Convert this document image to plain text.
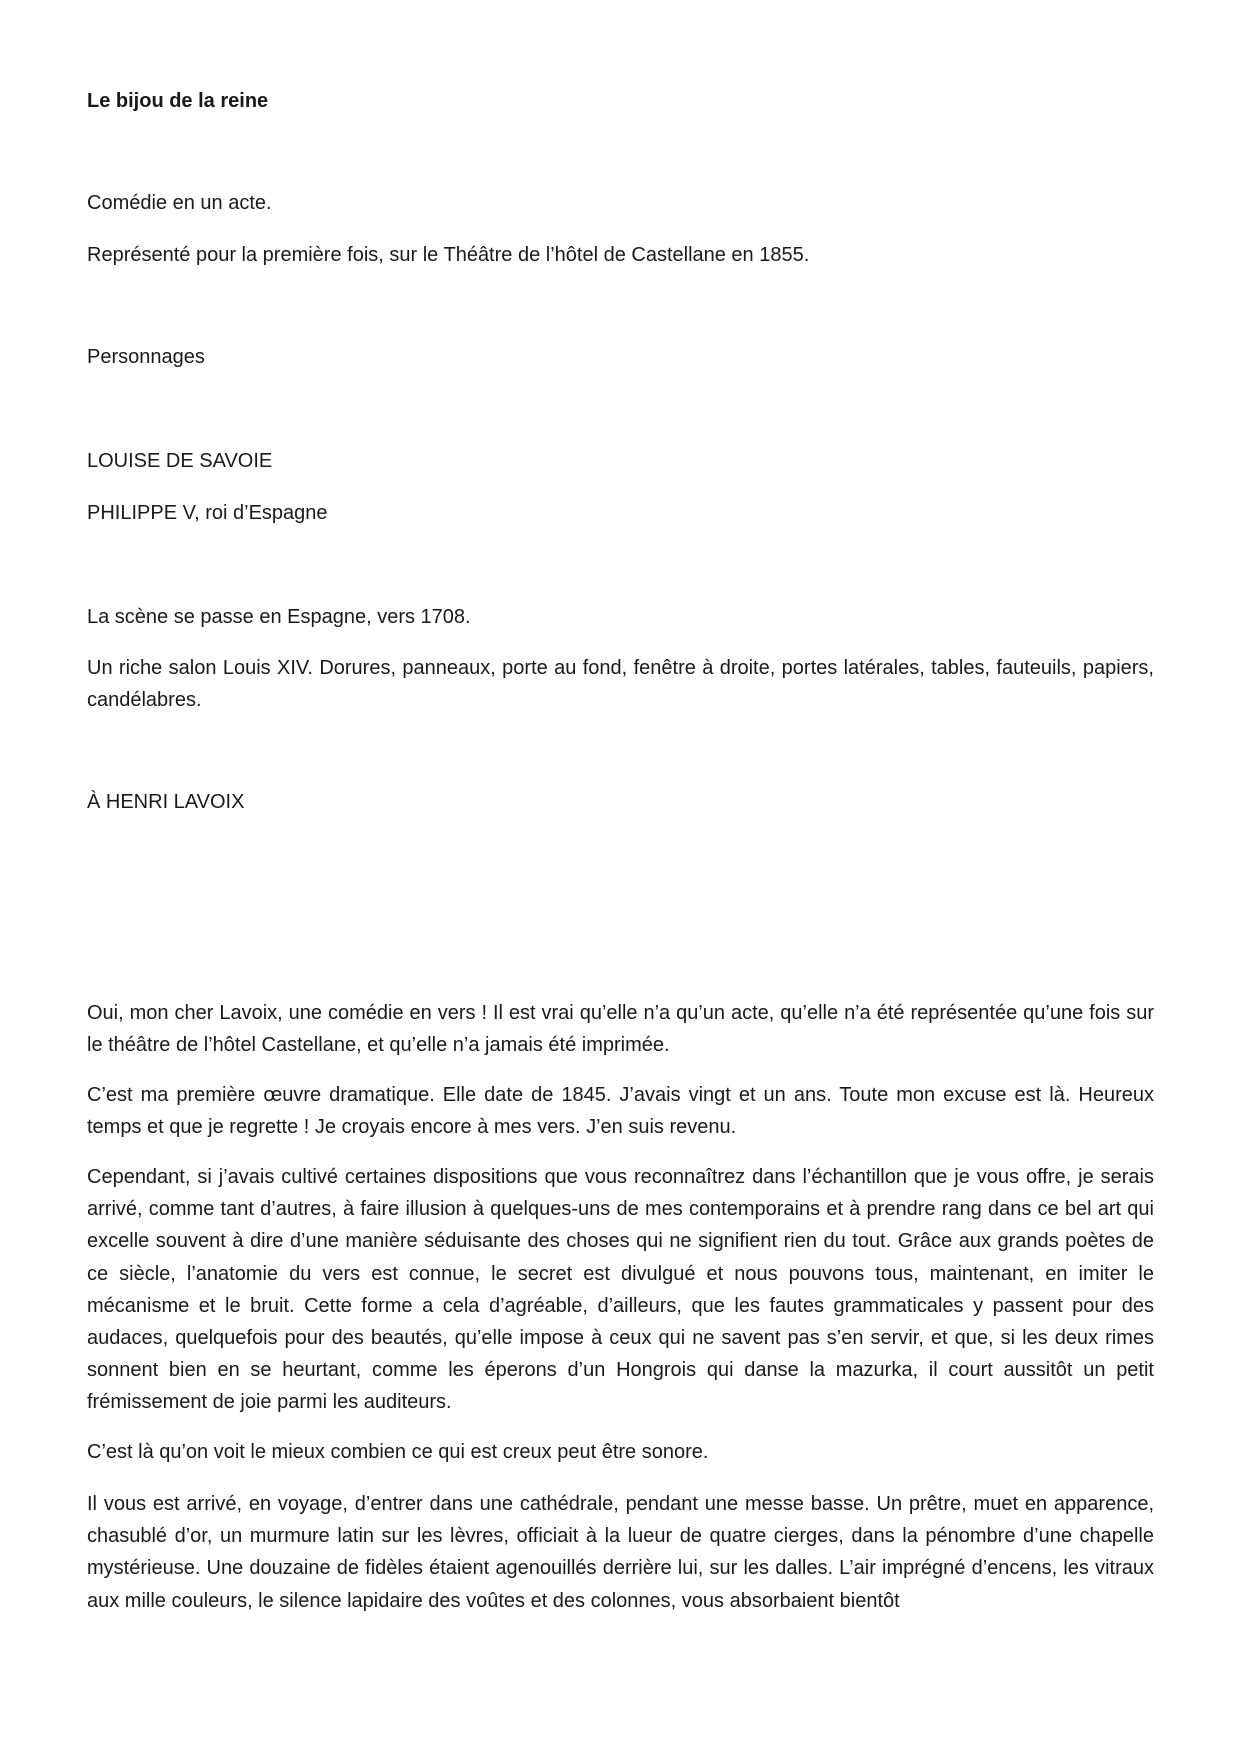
Le bijou de la reine

Comédie en un acte.

Représenté pour la première fois, sur le Théâtre de l’hôtel de Castellane en 1855.

Personnages

LOUISE DE SAVOIE

PHILIPPE V, roi d’Espagne

La scène se passe en Espagne, vers 1708.

Un riche salon Louis XIV. Dorures, panneaux, porte au fond, fenêtre à droite, portes latérales, tables, fauteuils, papiers, candélabres.

À HENRI LAVOIX

Oui, mon cher Lavoix, une comédie en vers ! Il est vrai qu’elle n’a qu’un acte, qu’elle n’a été représentée qu’une fois sur le théâtre de l’hôtel Castellane, et qu’elle n’a jamais été imprimée.

C’est ma première œuvre dramatique. Elle date de 1845. J’avais vingt et un ans. Toute mon excuse est là. Heureux temps et que je regrette ! Je croyais encore à mes vers. J’en suis revenu.

Cependant, si j’avais cultivé certaines dispositions que vous reconnaîtrez dans l’échantillon que je vous offre, je serais arrivé, comme tant d’autres, à faire illusion à quelques-uns de mes contemporains et à prendre rang dans ce bel art qui excelle souvent à dire d’une manière séduisante des choses qui ne signifient rien du tout. Grâce aux grands poètes de ce siècle, l’anatomie du vers est connue, le secret est divulgué et nous pouvons tous, maintenant, en imiter le mécanisme et le bruit. Cette forme a cela d’agréable, d’ailleurs, que les fautes grammaticales y passent pour des audaces, quelquefois pour des beautés, qu’elle impose à ceux qui ne savent pas s’en servir, et que, si les deux rimes sonnent bien en se heurtant, comme les éperons d’un Hongrois qui danse la mazurka, il court aussitôt un petit frémissement de joie parmi les auditeurs.

C’est là qu’on voit le mieux combien ce qui est creux peut être sonore.

Il vous est arrivé, en voyage, d’entrer dans une cathédrale, pendant une messe basse. Un prêtre, muet en apparence, chasublé d’or, un murmure latin sur les lèvres, officiait à la lueur de quatre cierges, dans la pénombre d’une chapelle mystérieuse. Une douzaine de fidèles étaient agenouillés derrière lui, sur les dalles. L’air imprégné d’encens, les vitraux aux mille couleurs, le silence lapidaire des voûtes et des colonnes, vous absorbaient bientôt
